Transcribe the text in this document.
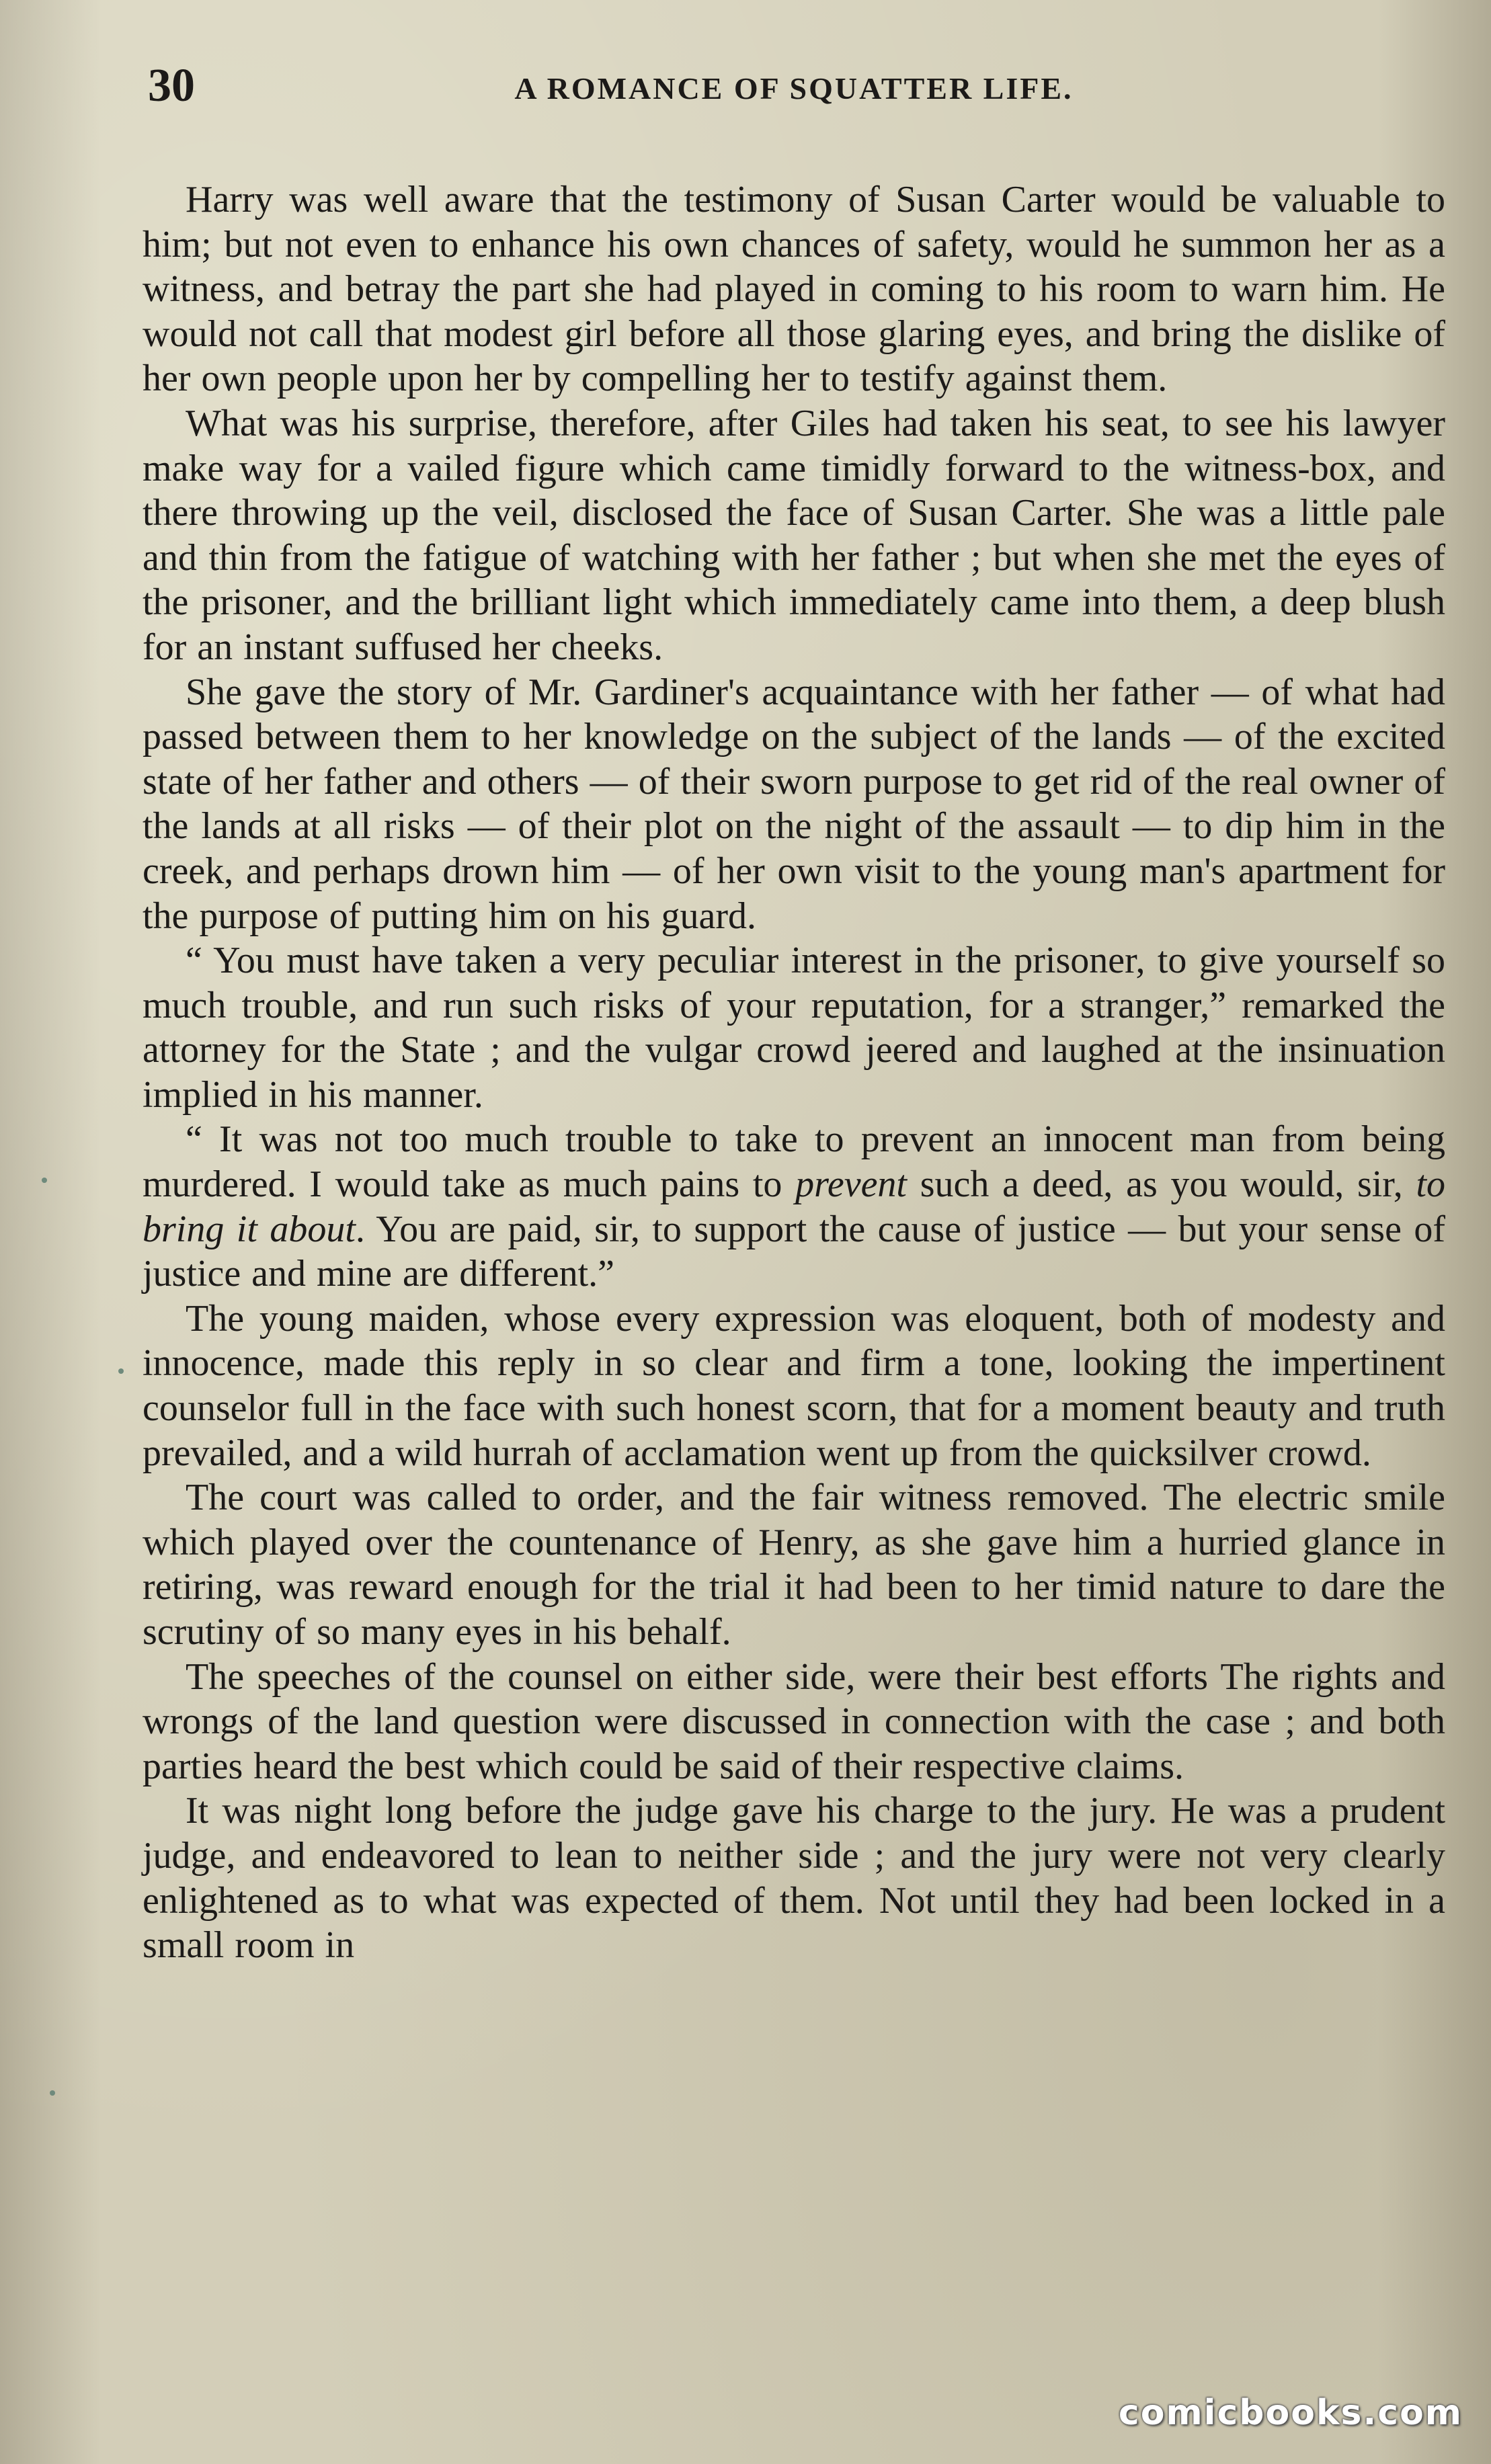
30	A ROMANCE OF SQUATTER LIFE.

Harry was well aware that the testimony of Susan Carter would be valuable to him; but not even to enhance his own chances of safety, would he summon her as a witness, and betray the part she had played in coming to his room to warn him. He would not call that modest girl before all those glaring eyes, and bring the dislike of her own people upon her by compelling her to testify against them.

What was his surprise, therefore, after Giles had taken his seat, to see his lawyer make way for a vailed figure which came timidly forward to the witness-box, and there throwing up the veil, disclosed the face of Susan Carter. She was a little pale and thin from the fatigue of watching with her father ; but when she met the eyes of the prisoner, and the brilliant light which immediately came into them, a deep blush for an instant suffused her cheeks.

She gave the story of Mr. Gardiner's acquaintance with her father — of what had passed between them to her knowledge on the subject of the lands — of the excited state of her father and others — of their sworn purpose to get rid of the real owner of the lands at all risks — of their plot on the night of the assault — to dip him in the creek, and perhaps drown him — of her own visit to the young man's apartment for the purpose of putting him on his guard.

“ You must have taken a very peculiar interest in the prisoner, to give yourself so much trouble, and run such risks of your reputation, for a stranger,” remarked the attorney for the State ; and the vulgar crowd jeered and laughed at the insinuation implied in his manner.

“ It was not too much trouble to take to prevent an innocent man from being murdered. I would take as much pains to prevent such a deed, as you would, sir, to bring it about. You are paid, sir, to support the cause of justice — but your sense of justice and mine are different.”

The young maiden, whose every expression was eloquent, both of modesty and innocence, made this reply in so clear and firm a tone, looking the impertinent counselor full in the face with such honest scorn, that for a moment beauty and truth prevailed, and a wild hurrah of acclamation went up from the quicksilver crowd.

The court was called to order, and the fair witness removed. The electric smile which played over the countenance of Henry, as she gave him a hurried glance in retiring, was reward enough for the trial it had been to her timid nature to dare the scrutiny of so many eyes in his behalf.

The speeches of the counsel on either side, were their best efforts The rights and wrongs of the land question were discussed in connection with the case ; and both parties heard the best which could be said of their respective claims.

It was night long before the judge gave his charge to the jury. He was a prudent judge, and endeavored to lean to neither side ; and the jury were not very clearly enlightened as to what was expected of them. Not until they had been locked in a small room in

comicbooks.com
